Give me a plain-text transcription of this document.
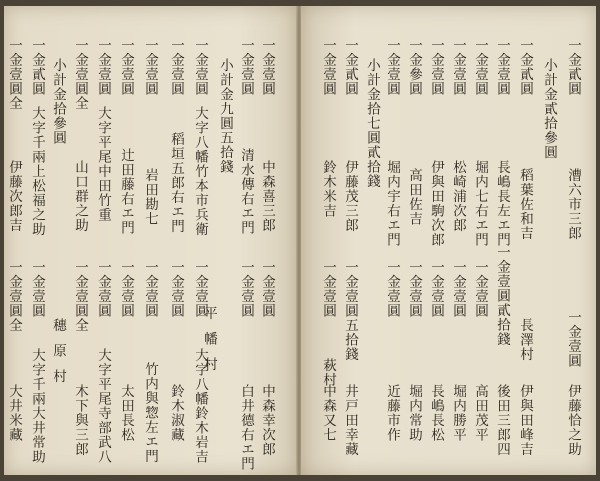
一金貳圓
漕六市三郎
一金壹圓
伊藤恰之助
小計金貳拾參圓
一金貳圓
稻葉佐和吉
長澤村
伊與田峰吉
一金壹圓
長嶋長左エ門
一金壹圓貳拾錢
後田三郎四
一金壹圓
堀内七右エ門
一金壹圓
高田茂平
一金壹圓
松崎浦次郎
一金壹圓
堀内勝平
一金壹圓
伊與田駒次郎
一金壹圓
長嶋長松
一金參圓
高田佐吉
一金壹圓
堀内常助
一金壹圓
堀内宇右エ門
一金壹圓
近藤市作
小計金拾七圓貳拾錢
一金貳圓
伊藤茂三郎
一金壹圓五拾錢
井戸田幸藏
一金壹圓
鈴木米吉
一金壹圓
萩村
中森又七
一金壹圓
中森喜三郎
一金壹圓
中森幸次郎
一金壹圓
清水傳右エ門
一金壹圓
白井德右エ門
小計金九圓五拾錢
一金壹圓
大字八幡竹本市兵衛
一金壹圓
大字八幡鈴木岩吉
一金壹圓
稻垣五郎右エ門
一金壹圓
鈴木淑藏
一金壹圓
岩田勘七
一金壹圓
竹内與惣左エ門
一金壹圓
辻田藤右エ門
一金壹圓
太田長松
一金壹圓
大字平尾中田竹重
一金壹圓
大字平尾寺部武八
一金壹圓全
山口群之助
一金壹圓全
木下與三郎
小計金拾參圓
一金貳圓
大字千兩上松福之助
一金壹圓
大字千兩大井常助
一金壹圓全
伊藤次郎吉
一金壹圓全
大井米藏
平幡村
穗原村
